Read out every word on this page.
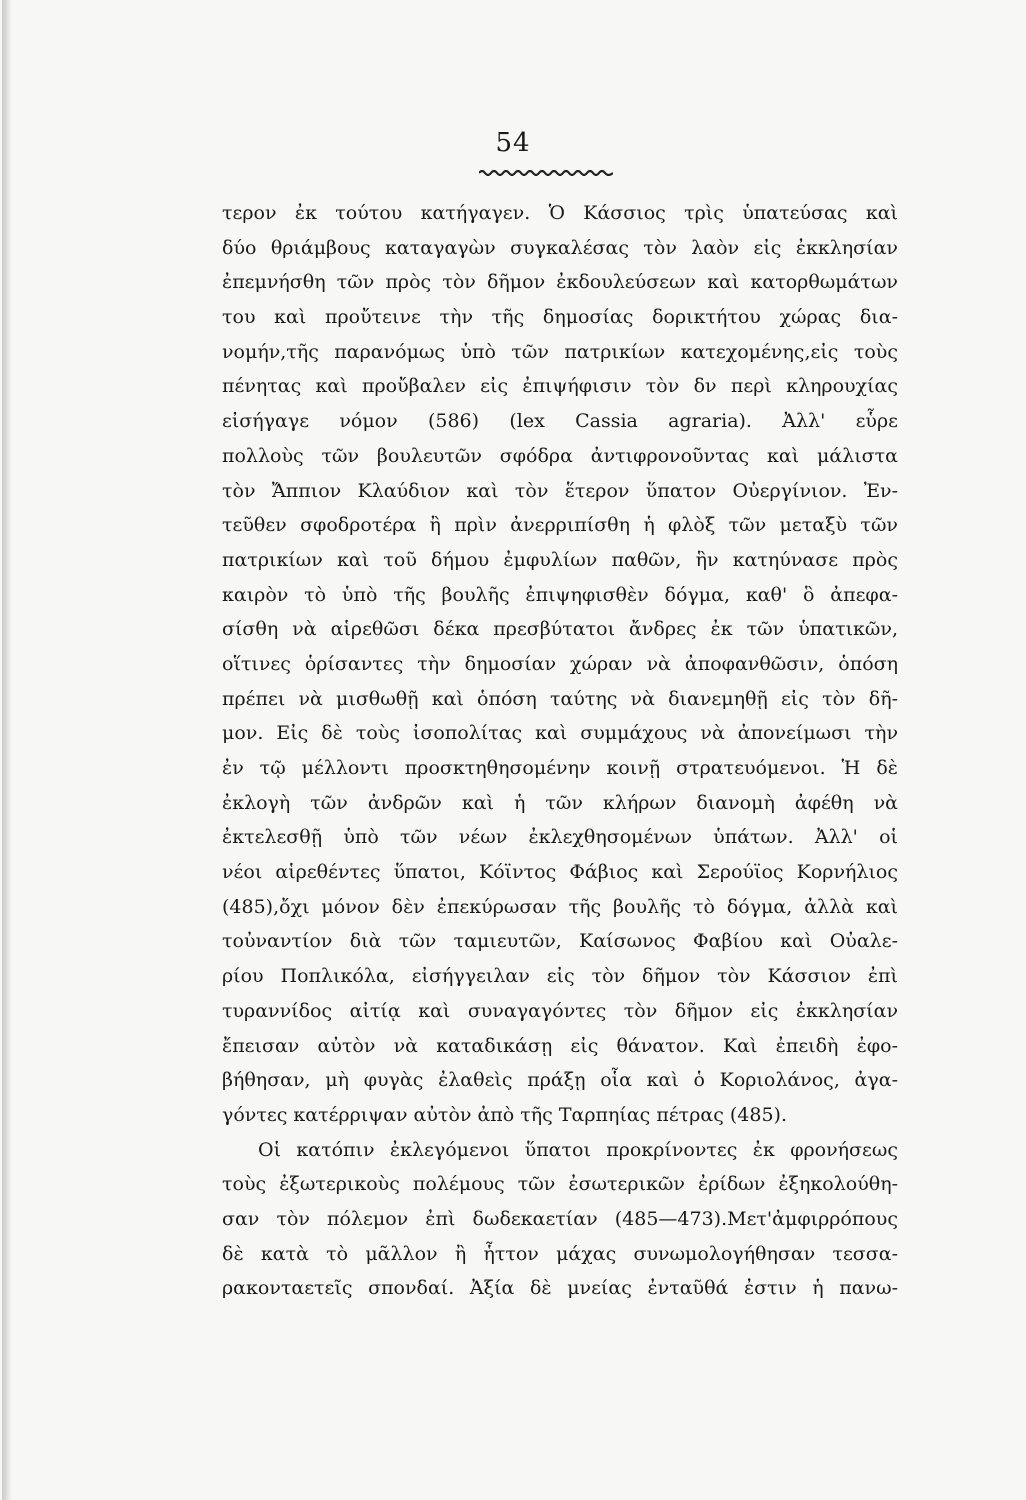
54
τερον ἐκ τούτου κατήγαγεν. Ὁ Κάσσιος τρὶς ὑπατεύσας καὶ
δύο θριάμβους καταγαγὼν συγκαλέσας τὸν λαὸν εἰς ἐκκλησίαν
ἐπεμνήσθη τῶν πρὸς τὸν δῆμον ἐκδουλεύσεων καὶ κατορθωμάτων
του καὶ προὔτεινε τὴν τῆς δημοσίας δορικτήτου χώρας δια-
νομήν,τῆς παρανόμως ὑπὸ τῶν πατρικίων κατεχομένης,εἰς τοὺς
πένητας καὶ προὔβαλεν εἰς ἐπιψήφισιν τὸν δν περὶ κληρουχίας
εἰσήγαγε νόμον (586) (lex Cassia agraria). Ἀλλ' εὗρε
πολλοὺς τῶν βουλευτῶν σφόδρα ἀντιφρονοῦντας καὶ μάλιστα
τὸν Ἄππιον Κλαύδιον καὶ τὸν ἕτερον ὕπατον Οὐεργίνιον. Ἐν-
τεῦθεν σφοδροτέρα ἢ πρὶν ἀνερριπίσθη ἡ φλὸξ τῶν μεταξὺ τῶν
πατρικίων καὶ τοῦ δήμου ἐμφυλίων παθῶν, ἣν κατηύνασε πρὸς
καιρὸν τὸ ὑπὸ τῆς βουλῆς ἐπιψηφισθὲν δόγμα, καθ' ὃ ἀπεφα-
σίσθη νὰ αἱρεθῶσι δέκα πρεσβύτατοι ἄνδρες ἐκ τῶν ὑπατικῶν,
οἵτινες ὁρίσαντες τὴν δημοσίαν χώραν νὰ ἀποφανθῶσιν, ὁπόση
πρέπει νὰ μισθωθῇ καὶ ὁπόση ταύτης νὰ διανεμηθῇ εἰς τὸν δῆ-
μον. Εἰς δὲ τοὺς ἰσοπολίτας καὶ συμμάχους νὰ ἀπονείμωσι τὴν
ἐν τῷ μέλλοντι προσκτηθησομένην κοινῇ στρατευόμενοι. Ἡ δὲ
ἐκλογὴ τῶν ἀνδρῶν καὶ ἡ τῶν κλήρων διανομὴ ἀφέθη νὰ
ἐκτελεσθῇ ὑπὸ τῶν νέων ἐκλεχθησομένων ὑπάτων. Ἀλλ' οἱ
νέοι αἱρεθέντες ὕπατοι, Κόϊντος Φάβιος καὶ Σερούϊος Κορνήλιος
(485),ὄχι μόνον δὲν ἐπεκύρωσαν τῆς βουλῆς τὸ δόγμα, ἀλλὰ καὶ
τοὐναντίον διὰ τῶν ταμιευτῶν, Καίσωνος Φαβίου καὶ Οὐαλε-
ρίου Ποπλικόλα, εἰσήγγειλαν εἰς τὸν δῆμον τὸν Κάσσιον ἐπὶ
τυραννίδος αἰτίᾳ καὶ συναγαγόντες τὸν δῆμον εἰς ἐκκλησίαν
ἔπεισαν αὐτὸν νὰ καταδικάσῃ εἰς θάνατον. Καὶ ἐπειδὴ ἐφο-
βήθησαν, μὴ φυγὰς ἐλαθεὶς πράξῃ οἷα καὶ ὁ Κοριολάνος, ἀγα-
γόντες κατέρριψαν αὐτὸν ἀπὸ τῆς Ταρπηίας πέτρας (485).
Οἱ κατόπιν ἐκλεγόμενοι ὕπατοι προκρίνοντες ἐκ φρονήσεως
τοὺς ἐξωτερικοὺς πολέμους τῶν ἐσωτερικῶν ἐρίδων ἐξηκολούθη-
σαν τὸν πόλεμον ἐπὶ δωδεκαετίαν (485—473).Μετ'ἀμφιρρόπους
δὲ κατὰ τὸ μᾶλλον ἢ ἧττον μάχας συνωμολογήθησαν τεσσα-
ρακονταετεῖς σπονδαί. Ἀξία δὲ μνείας ἐνταῦθά ἐστιν ἡ πανω-
